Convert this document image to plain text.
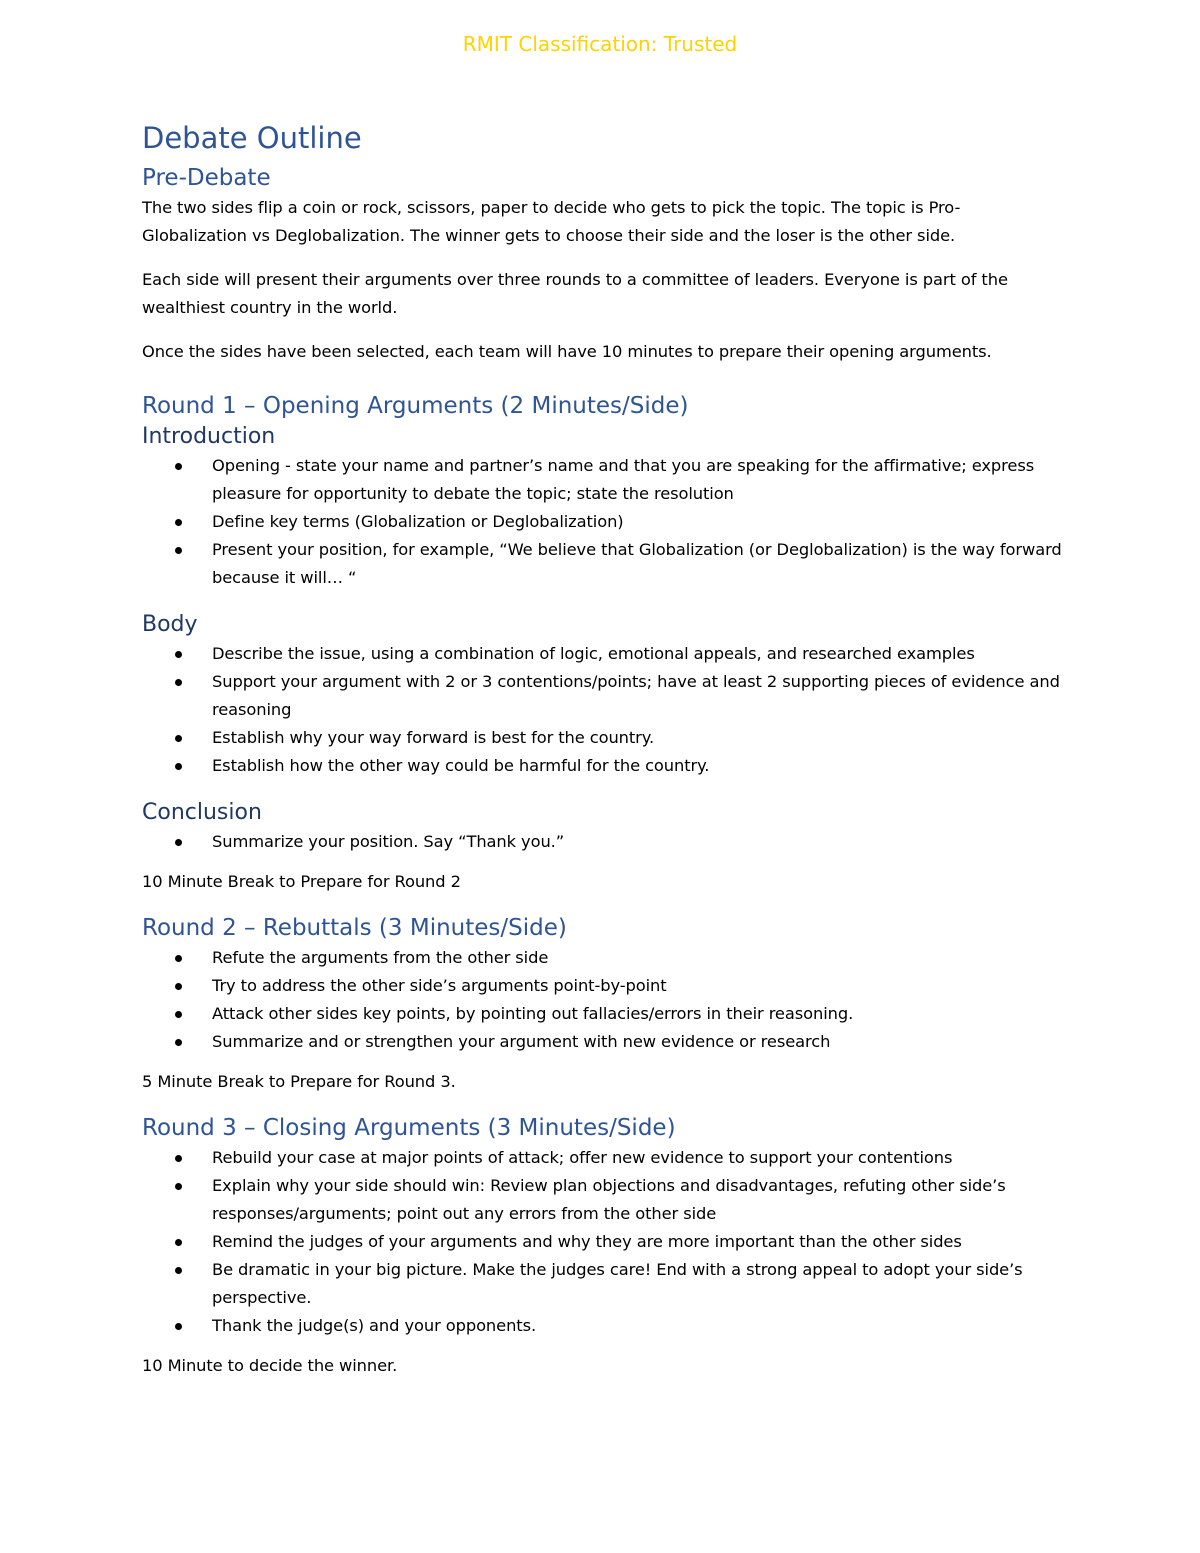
RMIT Classification: Trusted
Debate Outline
Pre-Debate

The two sides flip a coin or rock, scissors, paper to decide who gets to pick the topic. The topic is Pro-Globalization vs Deglobalization. The winner gets to choose their side and the loser is the other side.

Each side will present their arguments over three rounds to a committee of leaders. Everyone is part of the wealthiest country in the world.

Once the sides have been selected, each team will have 10 minutes to prepare their opening arguments.

Round 1 – Opening Arguments (2 Minutes/Side)
Introduction
Opening - state your name and partner’s name and that you are speaking for the affirmative; express pleasure for opportunity to debate the topic; state the resolution
Define key terms (Globalization or Deglobalization)
Present your position, for example, “We believe that Globalization (or Deglobalization) is the way forward because it will… “
Body
Describe the issue, using a combination of logic, emotional appeals, and researched examples
Support your argument with 2 or 3 contentions/points; have at least 2 supporting pieces of evidence and reasoning
Establish why your way forward is best for the country.
Establish how the other way could be harmful for the country.
Conclusion
Summarize your position. Say “Thank you.”

10 Minute Break to Prepare for Round 2

Round 2 – Rebuttals (3 Minutes/Side)
Refute the arguments from the other side
Try to address the other side’s arguments point-by-point
Attack other sides key points, by pointing out fallacies/errors in their reasoning.
Summarize and or strengthen your argument with new evidence or research

5 Minute Break to Prepare for Round 3.

Round 3 – Closing Arguments (3 Minutes/Side)
Rebuild your case at major points of attack; offer new evidence to support your contentions
Explain why your side should win: Review plan objections and disadvantages, refuting other side’s responses/arguments; point out any errors from the other side
Remind the judges of your arguments and why they are more important than the other sides
Be dramatic in your big picture. Make the judges care! End with a strong appeal to adopt your side’s perspective.
Thank the judge(s) and your opponents.

10 Minute to decide the winner.
